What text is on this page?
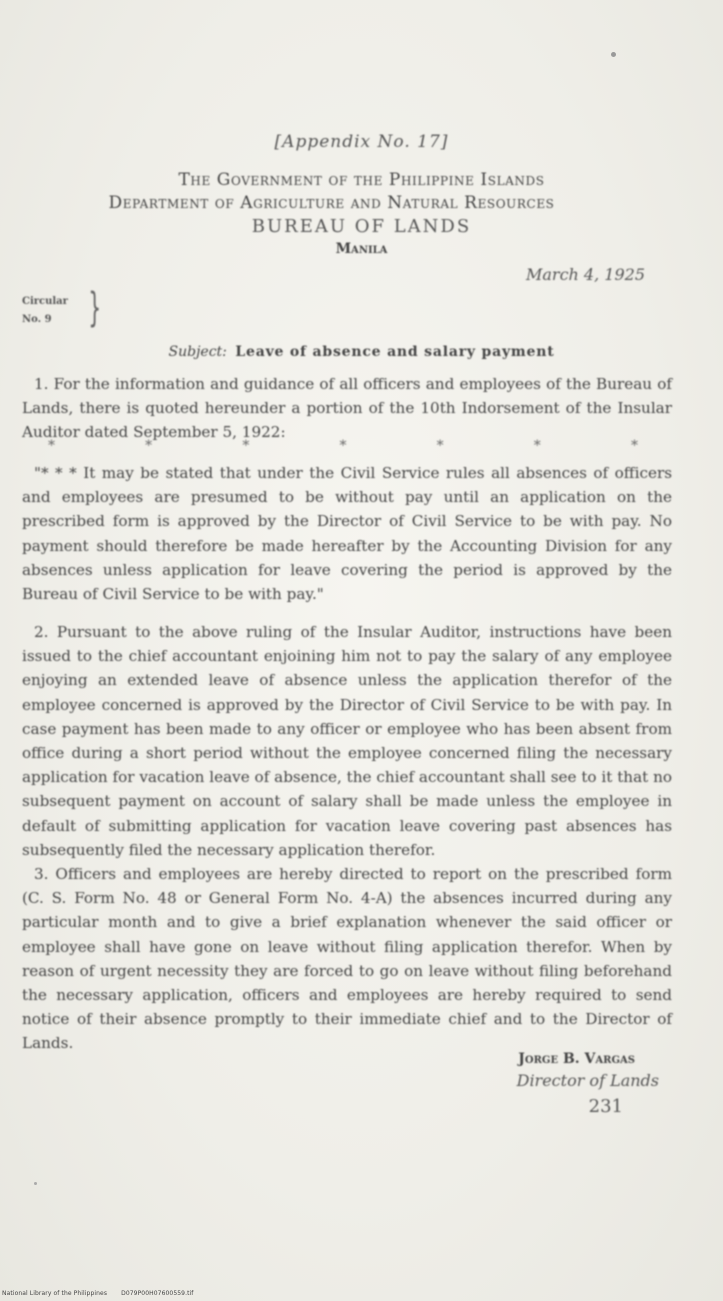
[Appendix No. 17]
The Government of the Philippine Islands
Department of Agriculture and Natural Resources
BUREAU OF LANDS
Manila
March 4, 1925
Circular
No. 9 }
Subject: Leave of absence and salary payment

1. For the information and guidance of all officers and employees of the Bureau of Lands, there is quoted hereunder a portion of the 10th Indorsement of the Insular Auditor dated September 5, 1922:

*	*	*	*	*	*	*

"* * * It may be stated that under the Civil Service rules all absences of officers and employees are presumed to be without pay until an application on the prescribed form is approved by the Director of Civil Service to be with pay. No payment should therefore be made hereafter by the Accounting Division for any absences unless application for leave covering the period is approved by the Bureau of Civil Service to be with pay."

2. Pursuant to the above ruling of the Insular Auditor, instructions have been issued to the chief accountant enjoining him not to pay the salary of any employee enjoying an extended leave of absence unless the application therefor of the employee concerned is approved by the Director of Civil Service to be with pay. In case payment has been made to any officer or employee who has been absent from office during a short period without the employee concerned filing the necessary application for vacation leave of absence, the chief accountant shall see to it that no subsequent payment on account of salary shall be made unless the employee in default of submitting application for vacation leave covering past absences has subsequently filed the necessary application therefor.

3. Officers and employees are hereby directed to report on the prescribed form (C. S. Form No. 48 or General Form No. 4-A) the absences incurred during any particular month and to give a brief explanation whenever the said officer or employee shall have gone on leave without filing application therefor. When by reason of urgent necessity they are forced to go on leave without filing beforehand the necessary application, officers and employees are hereby required to send notice of their absence promptly to their immediate chief and to the Director of Lands.

Jorge B. Vargas
Director of Lands
231
National Library of the Philippines D079P00H07600559.tif
